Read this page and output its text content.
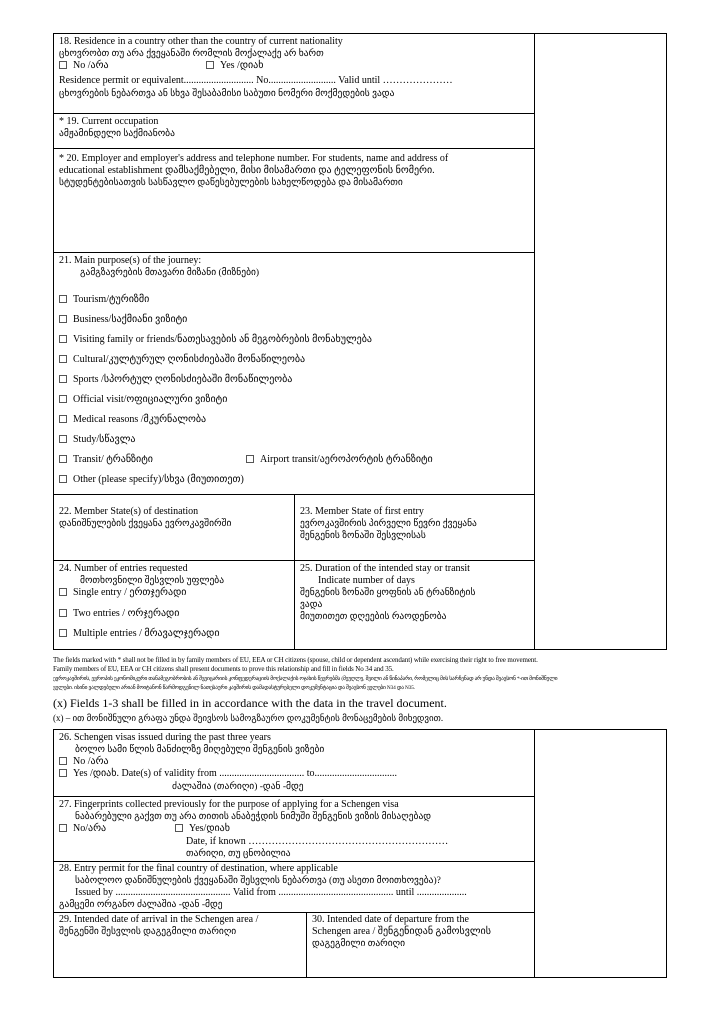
18. Residence in a country other than the country of current nationality
ცხოვრობთ თუ არა ქვეყანაში რომლის მოქალაქე არ ხართ
No /არა	Yes /დიახ
Residence permit or equivalent............................ No........................... Valid until …………………
ცხოვრების ნებართვა ან სხვა შესაბამისი საბუთი ნომერი მოქმედების ვადა
* 19. Current occupation
ამჟამინდელი საქმიანობა
* 20. Employer and employer's address and telephone number. For students, name and address of
educational establishment დამსაქმებელი, მისი მისამართი და ტელეფონის ნომერი.
სტუდენტებისათვის სასწავლო დაწესებულების სახელწოდება და მისამართი
21. Main purpose(s) of the journey:
გამგზავრების მთავარი მიზანი (მიზნები)
Tourism/ტურიზმი
Business/საქმიანი ვიზიტი
Visiting family or friends/ნათესავების ან მეგობრების მონახულება
Cultural/კულტურულ ღონისძიებაში მონაწილეობა
Sports /სპორტულ ღონისძიებაში მონაწილეობა
Official visit/ოფიციალური ვიზიტი
Medical reasons /მკურნალობა
Study/სწავლა
Transit/ ტრანზიტი	Airport transit/აეროპორტის ტრანზიტი
Other (please specify)/სხვა (მიუთითეთ)
22. Member State(s) of destination
დანიშნულების ქვეყანა ევროკავშირში
23. Member State of first entry
ევროკავშირის პირველი წევრი ქვეყანა
შენგენის ზონაში შესვლისას
24. Number of entries requested
მოთხოვნილი შესვლის უფლება
Single entry / ერთჯერადი
Two entries / ორჯერადი
Multiple entries / მრავალჯერადი
25. Duration of the intended stay or transit
Indicate number of days
შენგენის ზონაში ყოფნის ან ტრანზიტის
ვადა
მიუთითეთ დღეების რაოდენობა
The fields marked with * shall not be filled in by family members of EU, EEA or CH citizens (spouse, child or dependent ascendant) while exercising their right to free movement.
Family members of EU, EEA or CH citizens shall present documents to prove this relationship and fill in fields No 34 and 35.
ევროკავშირის, ევროპის ეკონომიკური თანამეგობრობის ან შვეიცარიის კონფედერაციის მოქალაქის ოჯახის წევრებმა (მეუღლე, შვილი ან წინაპარი, რომელიც მის სარჩენად არ უნდა შეავსონ *-ით მონიშნული
ველები. ისინი ვალდებული არიან მოიტანონ წარმოდგენილ ნათესაური კავშირის დამადასტურებელი დოკუმენტაცია და შეავსონ ველები N34 და N35.
(x) Fields 1-3 shall be filled in in accordance with the data in the travel document.
(x) – ით მონიშნული გრაფა უნდა შეივსოს სამოგზაურო დოკუმენტის მონაცემების მიხედვით.
26. Schengen visas issued during the past three years
ბოლო სამი წლის მანძილზე მიღებული შენგენის ვიზები
No /არა
Yes /დიახ. Date(s) of validity from .................................. to.................................
ძალაშია (თარიღი) -დან -მდე
27. Fingerprints collected previously for the purpose of applying for a Schengen visa
ნაბარებული გაქვთ თუ არა თითის ანაბეჭდის ნიმუში შენგენის ვიზის მისაღებად
No/არა	Yes/დიახ
Date, if known ……………………………………………………
თარიღი, თუ ცნობილია
28. Entry permit for the final country of destination, where applicable
საბოლოო დანიშნულების ქვეყანაში შესვლის ნებართვა (თუ ასეთი მოითხოვება)?
Issued by .............................................. Valid from .............................................. until ....................
გამცემი ორგანო ძალაშია -დან -მდე
29. Intended date of arrival in the Schengen area /
შენგენში შესვლის დაგეგმილი თარიღი
30. Intended date of departure from the
Schengen area / შენგენიდან გამოსვლის
დაგეგმილი თარიღი
